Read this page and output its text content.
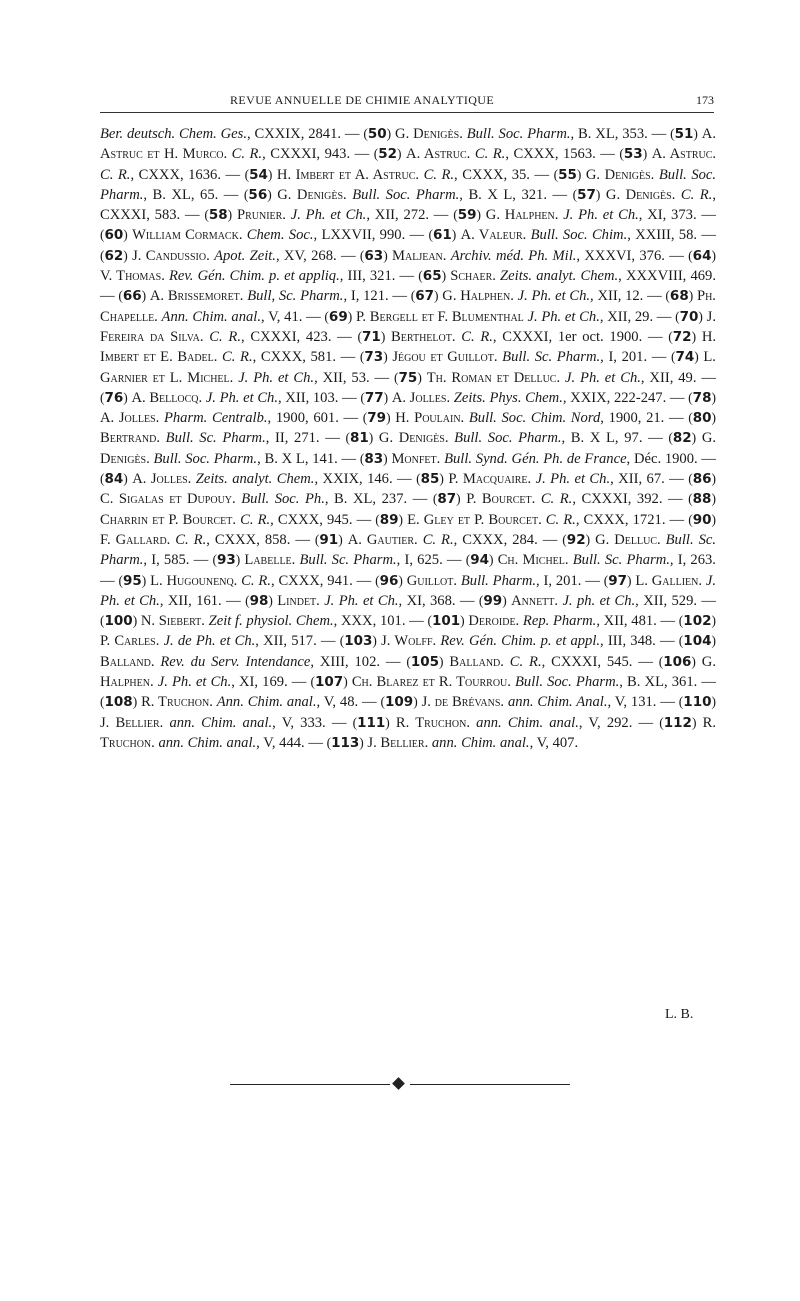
REVUE ANNUELLE DE CHIMIE ANALYTIQUE	173
Ber. deutsch. Chem. Ges., CXXIX, 2841. — ( 50 ) G. Denigès. Bull. Soc. Pharm., B. XL, 353. — ( 51 ) A. Astruc et H. Murco. C. R., CXXXI, 943. — ( 52 ) A. Astruc. C. R., CXXX, 1563. — ( 53 ) A. Astruc. C. R., CXXX, 1636. — ( 54 ) H. Imbert et A. Astruc. C. R., CXXX, 35. — ( 55 ) G. Denigès. Bull. Soc. Pharm., B. XL, 65. — ( 56 ) G. Denigès. Bull. Soc. Pharm., B. X L, 321. — ( 57 ) G. Denigès. C. R., CXXXI, 583. — ( 58 ) Prunier. J. Ph. et Ch., XII, 272. — ( 59 ) G. Halphen. J. Ph. et Ch., XI, 373. — ( 60 ) William Cormack. Chem. Soc., LXXVII, 990. — ( 61 ) A. Valeur. Bull. Soc. Chim., XXIII, 58. — ( 62 ) J. Candussio. Apot. Zeit., XV, 268. — ( 63 ) Maljean. Archiv. méd. Ph. Mil., XXXVI, 376. — ( 64 ) V. Thomas. Rev. Gén. Chim. p. et appliq., III, 321. — ( 65 ) Schaer. Zeits. analyt. Chem., XXXVIII, 469. — ( 66 ) A. Brissemoret. Bull, Sc. Pharm., I, 121. — ( 67 ) G. Halphen. J. Ph. et Ch., XII, 12. — ( 68 ) Ph. Chapelle. Ann. Chim. anal., V, 41. — ( 69 ) P. Bergell et F. Blumenthal J. Ph. et Ch., XII, 29. — ( 70 ) J. Fereira da Silva. C. R., CXXXI, 423. — ( 71 ) Berthelot. C. R., CXXXI, 1er oct. 1900. — ( 72 ) H. Imbert et E. Badel. C. R., CXXX, 581. — ( 73 ) Jégou et Guillot. Bull. Sc. Pharm., I, 201. — ( 74 ) L. Garnier et L. Michel. J. Ph. et Ch., XII, 53. — ( 75 ) Th. Roman et Delluc. J. Ph. et Ch., XII, 49. — ( 76 ) A. Bellocq. J. Ph. et Ch., XII, 103. — ( 77 ) A. Jolles. Zeits. Phys. Chem., XXIX, 222-247. — ( 78 ) A. Jolles. Pharm. Centralb., 1900, 601. — ( 79 ) H. Poulain. Bull. Soc. Chim. Nord, 1900, 21. — ( 80 ) Bertrand. Bull. Sc. Pharm., II, 271. — ( 81 ) G. Denigès. Bull. Soc. Pharm., B. X L, 97. — ( 82 ) G. Denigès. Bull. Soc. Pharm., B. X L, 141. — ( 83 ) Monfet. Bull. Synd. Gén. Ph. de France, Déc. 1900. — ( 84 ) A. Jolles. Zeits. analyt. Chem., XXIX, 146. — ( 85 ) P. Macquaire. J. Ph. et Ch., XII, 67. — ( 86 ) C. Sigalas et Dupouy. Bull. Soc. Ph., B. XL, 237. — ( 87 ) P. Bourcet. C. R., CXXXI, 392. — ( 88 ) Charrin et P. Bourcet. C. R., CXXX, 945. — ( 89 ) E. Gley et P. Bourcet. C. R., CXXX, 1721. — ( 90 ) F. Gallard. C. R., CXXX, 858. — ( 91 ) A. Gautier. C. R., CXXX, 284. — ( 92 ) G. Delluc. Bull. Sc. Pharm., I, 585. — ( 93 ) Labelle. Bull. Sc. Pharm., I, 625. — ( 94 ) Ch. Michel. Bull. Sc. Pharm., I, 263. — ( 95 ) L. Hugounenq. C. R., CXXX, 941. — ( 96 ) Guillot. Bull. Pharm., I, 201. — ( 97 ) L. Gallien. J. Ph. et Ch., XII, 161. — ( 98 ) Lindet. J. Ph. et Ch., XI, 368. — ( 99 ) Annett. J. ph. et Ch., XII, 529. — ( 100 ) N. Siebert. Zeit f. physiol. Chem., XXX, 101. — ( 101 ) Deroide. Rep. Pharm., XII, 481. — ( 102 ) P. Carles. J. de Ph. et Ch., XII, 517. — ( 103 ) J. Wolff. Rev. Gén. Chim. p. et appl., III, 348. — ( 104 ) Balland. Rev. du Serv. Intendance, XIII, 102. — ( 105 ) Balland. C. R., CXXXI, 545. — ( 106 ) G. Halphen. J. Ph. et Ch., XI, 169. — ( 107 ) Ch. Blarez et R. Tourrou. Bull. Soc. Pharm., B. XL, 361. — ( 108 ) R. Truchon. Ann. Chim. anal., V, 48. — ( 109 ) J. de Brévans. ann. Chim. Anal., V, 131. — ( 110 ) J. Bellier. ann. Chim. anal., V, 333. — ( 111 ) R. Truchon. ann. Chim. anal., V, 292. — ( 112 ) R. Truchon. ann. Chim. anal., V, 444. — ( 113 ) J. Bellier. ann. Chim. anal., V, 407.
L. B.
